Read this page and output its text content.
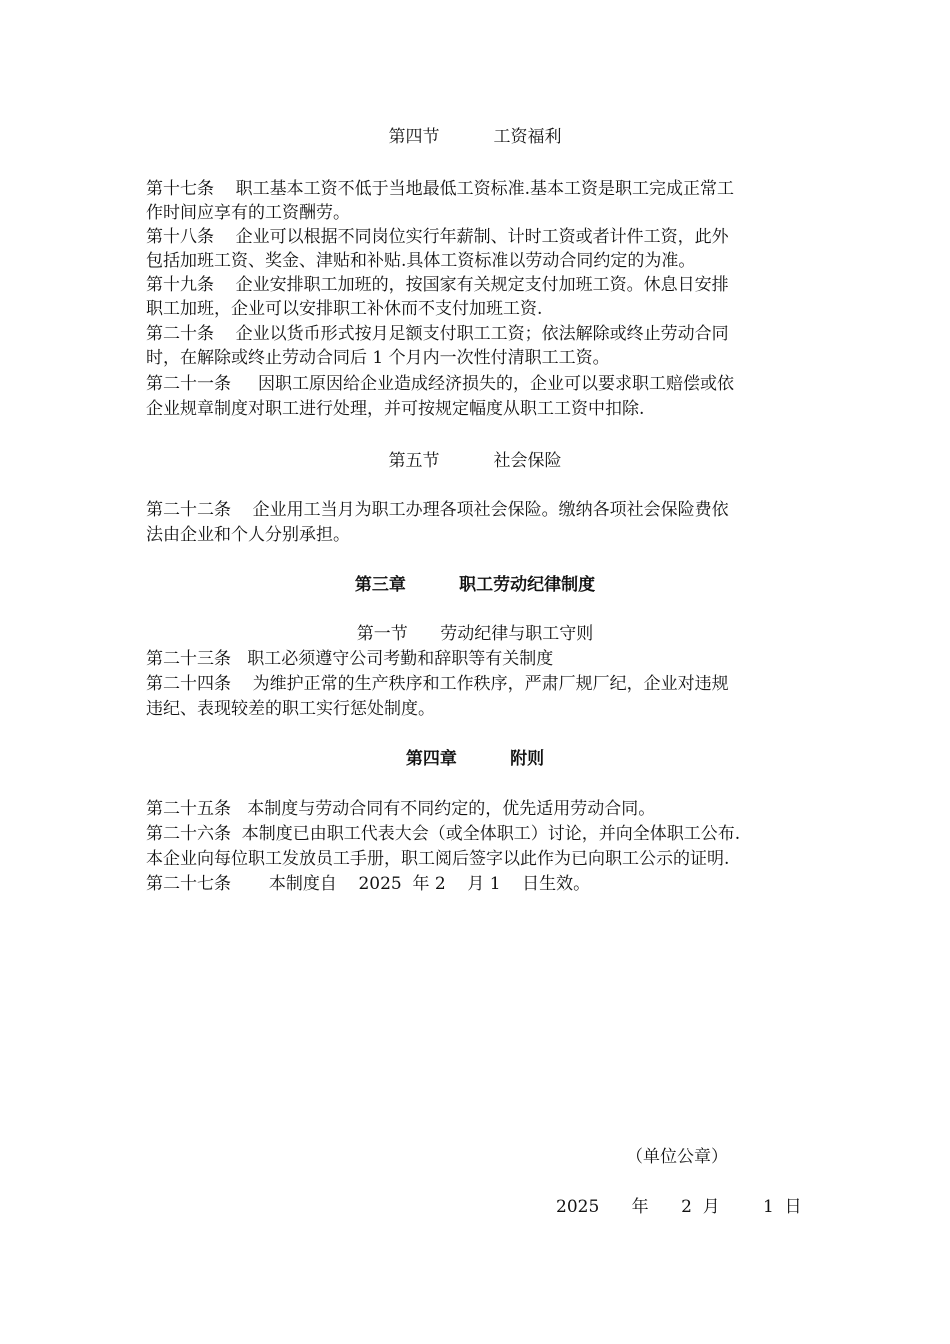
第四节          工资福利
第十七条    职工基本工资不低于当地最低工资标准.基本工资是职工完成正常工
作时间应享有的工资酬劳。
第十八条    企业可以根据不同岗位实行年薪制、计时工资或者计件工资，此外
包括加班工资、奖金、津贴和补贴.具体工资标准以劳动合同约定的为准。
第十九条    企业安排职工加班的，按国家有关规定支付加班工资。休息日安排
职工加班，企业可以安排职工补休而不支付加班工资.
第二十条    企业以货币形式按月足额支付职工工资；依法解除或终止劳动合同
时，在解除或终止劳动合同后 1 个月内一次性付清职工工资。
第二十一条     因职工原因给企业造成经济损失的，企业可以要求职工赔偿或依
企业规章制度对职工进行处理，并可按规定幅度从职工工资中扣除.
第五节          社会保险
第二十二条    企业用工当月为职工办理各项社会保险。缴纳各项社会保险费依
法由企业和个人分别承担。
第三章         职工劳动纪律制度
第一节      劳动纪律与职工守则
第二十三条   职工必须遵守公司考勤和辞职等有关制度
第二十四条    为维护正常的生产秩序和工作秩序，严肃厂规厂纪，企业对违规
违纪、表现较差的职工实行惩处制度。
第四章         附则
第二十五条   本制度与劳动合同有不同约定的，优先适用劳动合同。
第二十六条  本制度已由职工代表大会（或全体职工）讨论，并向全体职工公布.
本企业向每位职工发放员工手册，职工阅后签字以此作为已向职工公示的证明.
第二十七条       本制度自    2025  年 2    月 1    日生效。
（单位公章）
2025      年      2  月        1  日
